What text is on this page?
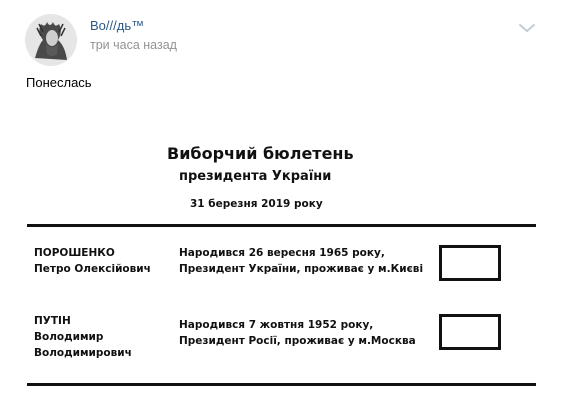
Во///дь™
три часа назад
Понеслась
Виборчий бюлетень
президента України
31 березня 2019 року
ПОРОШЕНКО
Петро Олексійович
Народився 26 вересня 1965 року,
Президент України, проживає у м.Києві
ПУТІН
Володимир
Володимирович
Народився 7 жовтня 1952 року,
Президент Росії, проживає у м.Москва
